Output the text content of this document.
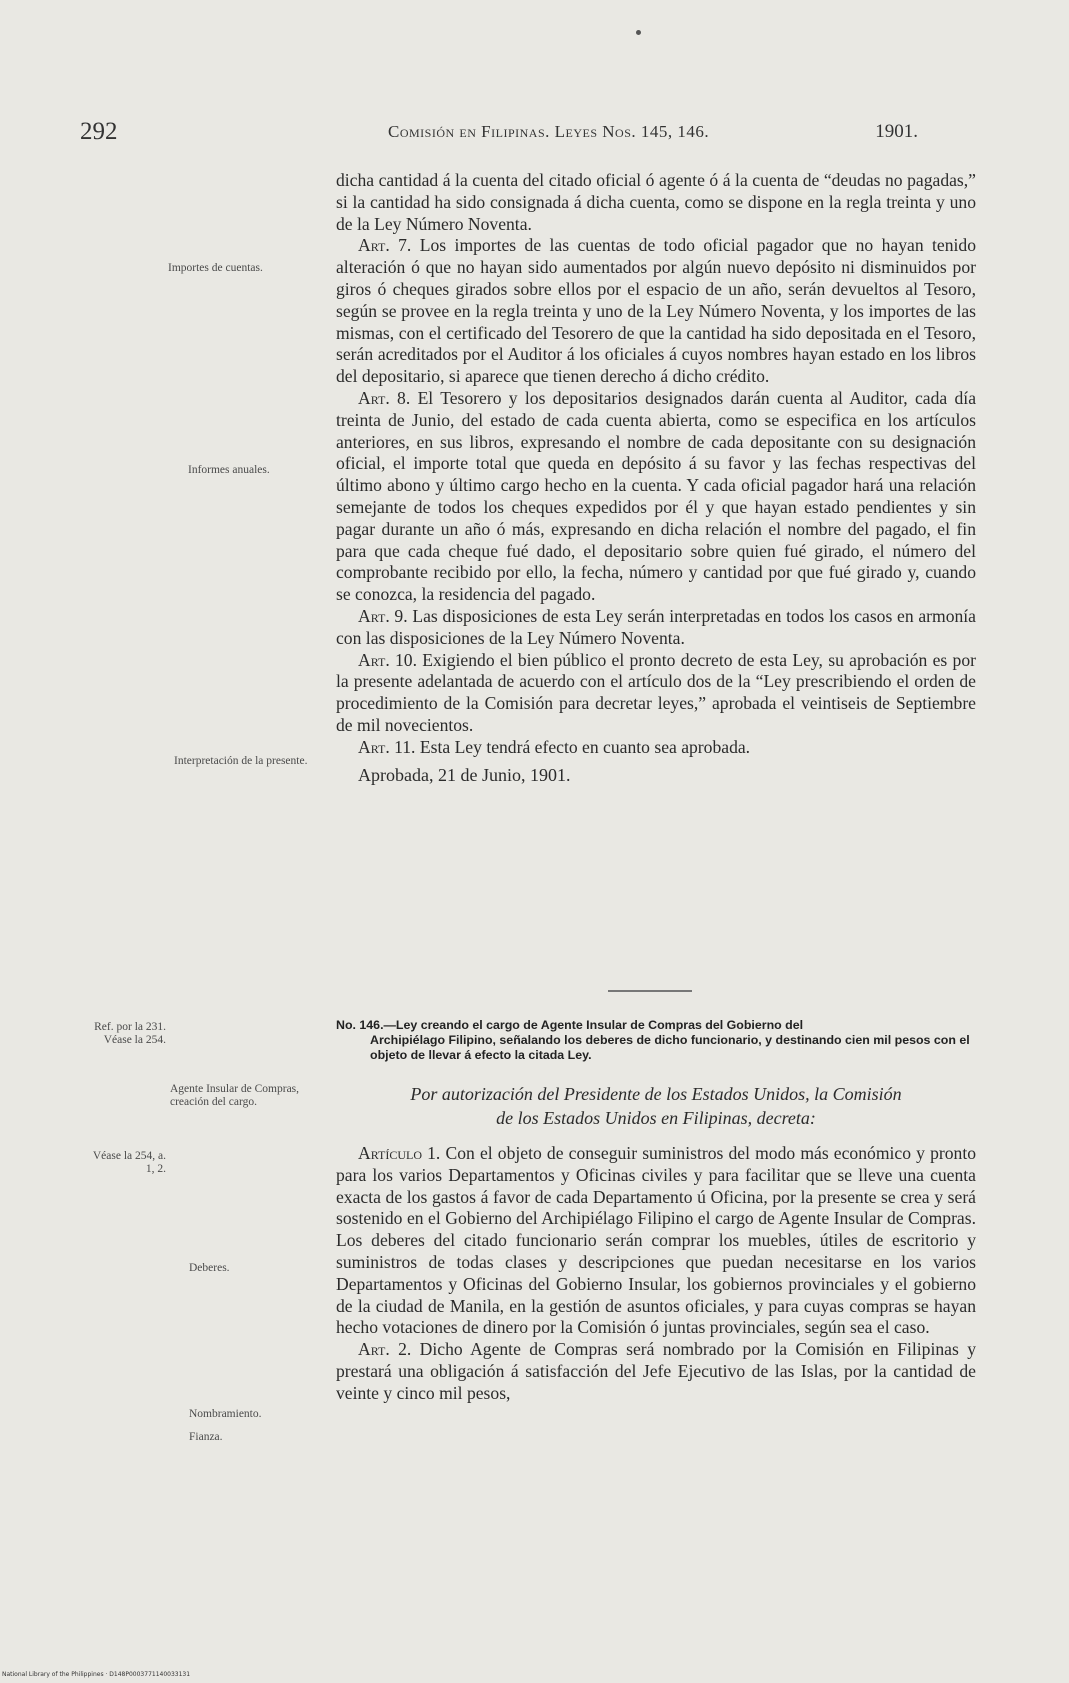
292	Comisión en Filipinas. Leyes Nos. 145, 146.	1901.
Importes de cuentas.
Informes anuales.
Interpretación de la presente.
Ref. por la 231. Véase la 254.
Agente Insular de Compras, creación del cargo.
Véase la 254, a. 1, 2.
Deberes.
Nombramiento.
Fianza.

dicha cantidad á la cuenta del citado oficial ó agente ó á la cuenta de “deudas no pagadas,” si la cantidad ha sido consignada á dicha cuenta, como se dispone en la regla treinta y uno de la Ley Número Noventa.

Art. 7. Los importes de las cuentas de todo oficial pagador que no hayan tenido alteración ó que no hayan sido aumentados por algún nuevo depósito ni disminuidos por giros ó cheques girados sobre ellos por el espacio de un año, serán devueltos al Tesoro, según se provee en la regla treinta y uno de la Ley Número Noventa, y los importes de las mismas, con el certificado del Tesorero de que la cantidad ha sido depositada en el Tesoro, serán acreditados por el Auditor á los oficiales á cuyos nombres hayan estado en los libros del depositario, si aparece que tienen derecho á dicho crédito.

Art. 8. El Tesorero y los depositarios designados darán cuenta al Auditor, cada día treinta de Junio, del estado de cada cuenta abierta, como se especifica en los artículos anteriores, en sus libros, expresando el nombre de cada depositante con su designación oficial, el importe total que queda en depósito á su favor y las fechas respectivas del último abono y último cargo hecho en la cuenta. Y cada oficial pagador hará una relación semejante de todos los cheques expedidos por él y que hayan estado pendientes y sin pagar durante un año ó más, expresando en dicha relación el nombre del pagado, el fin para que cada cheque fué dado, el depositario sobre quien fué girado, el número del comprobante recibido por ello, la fecha, número y cantidad por que fué girado y, cuando se conozca, la residencia del pagado.

Art. 9. Las disposiciones de esta Ley serán interpretadas en todos los casos en armonía con las disposiciones de la Ley Número Noventa.

Art. 10. Exigiendo el bien público el pronto decreto de esta Ley, su aprobación es por la presente adelantada de acuerdo con el artículo dos de la “Ley prescribiendo el orden de procedimiento de la Comisión para decretar leyes,” aprobada el veintiseis de Septiembre de mil novecientos.

Art. 11. Esta Ley tendrá efecto en cuanto sea aprobada.

Aprobada, 21 de Junio, 1901.

No. 146.—Ley creando el cargo de Agente Insular de Compras del Gobierno del
Archipiélago Filipino, señalando los deberes de dicho funcionario, y destinando cien mil pesos con el objeto de llevar á efecto la citada Ley.
Por autorización del Presidente de los Estados Unidos, la Comisión
de los Estados Unidos en Filipinas, decreta:

Artículo 1. Con el objeto de conseguir suministros del modo más económico y pronto para los varios Departamentos y Oficinas civiles y para facilitar que se lleve una cuenta exacta de los gastos á favor de cada Departamento ú Oficina, por la presente se crea y será sostenido en el Gobierno del Archipiélago Filipino el cargo de Agente Insular de Compras. Los deberes del citado funcionario serán comprar los muebles, útiles de escritorio y suministros de todas clases y descripciones que puedan necesitarse en los varios Departamentos y Oficinas del Gobierno Insular, los gobiernos provinciales y el gobierno de la ciudad de Manila, en la gestión de asuntos oficiales, y para cuyas compras se hayan hecho votaciones de dinero por la Comisión ó juntas provinciales, según sea el caso.

Art. 2. Dicho Agente de Compras será nombrado por la Comisión en Filipinas y prestará una obligación á satisfacción del Jefe Ejecutivo de las Islas, por la cantidad de veinte y cinco mil pesos,

National Library of the Philippines · D148P0003771140033131
